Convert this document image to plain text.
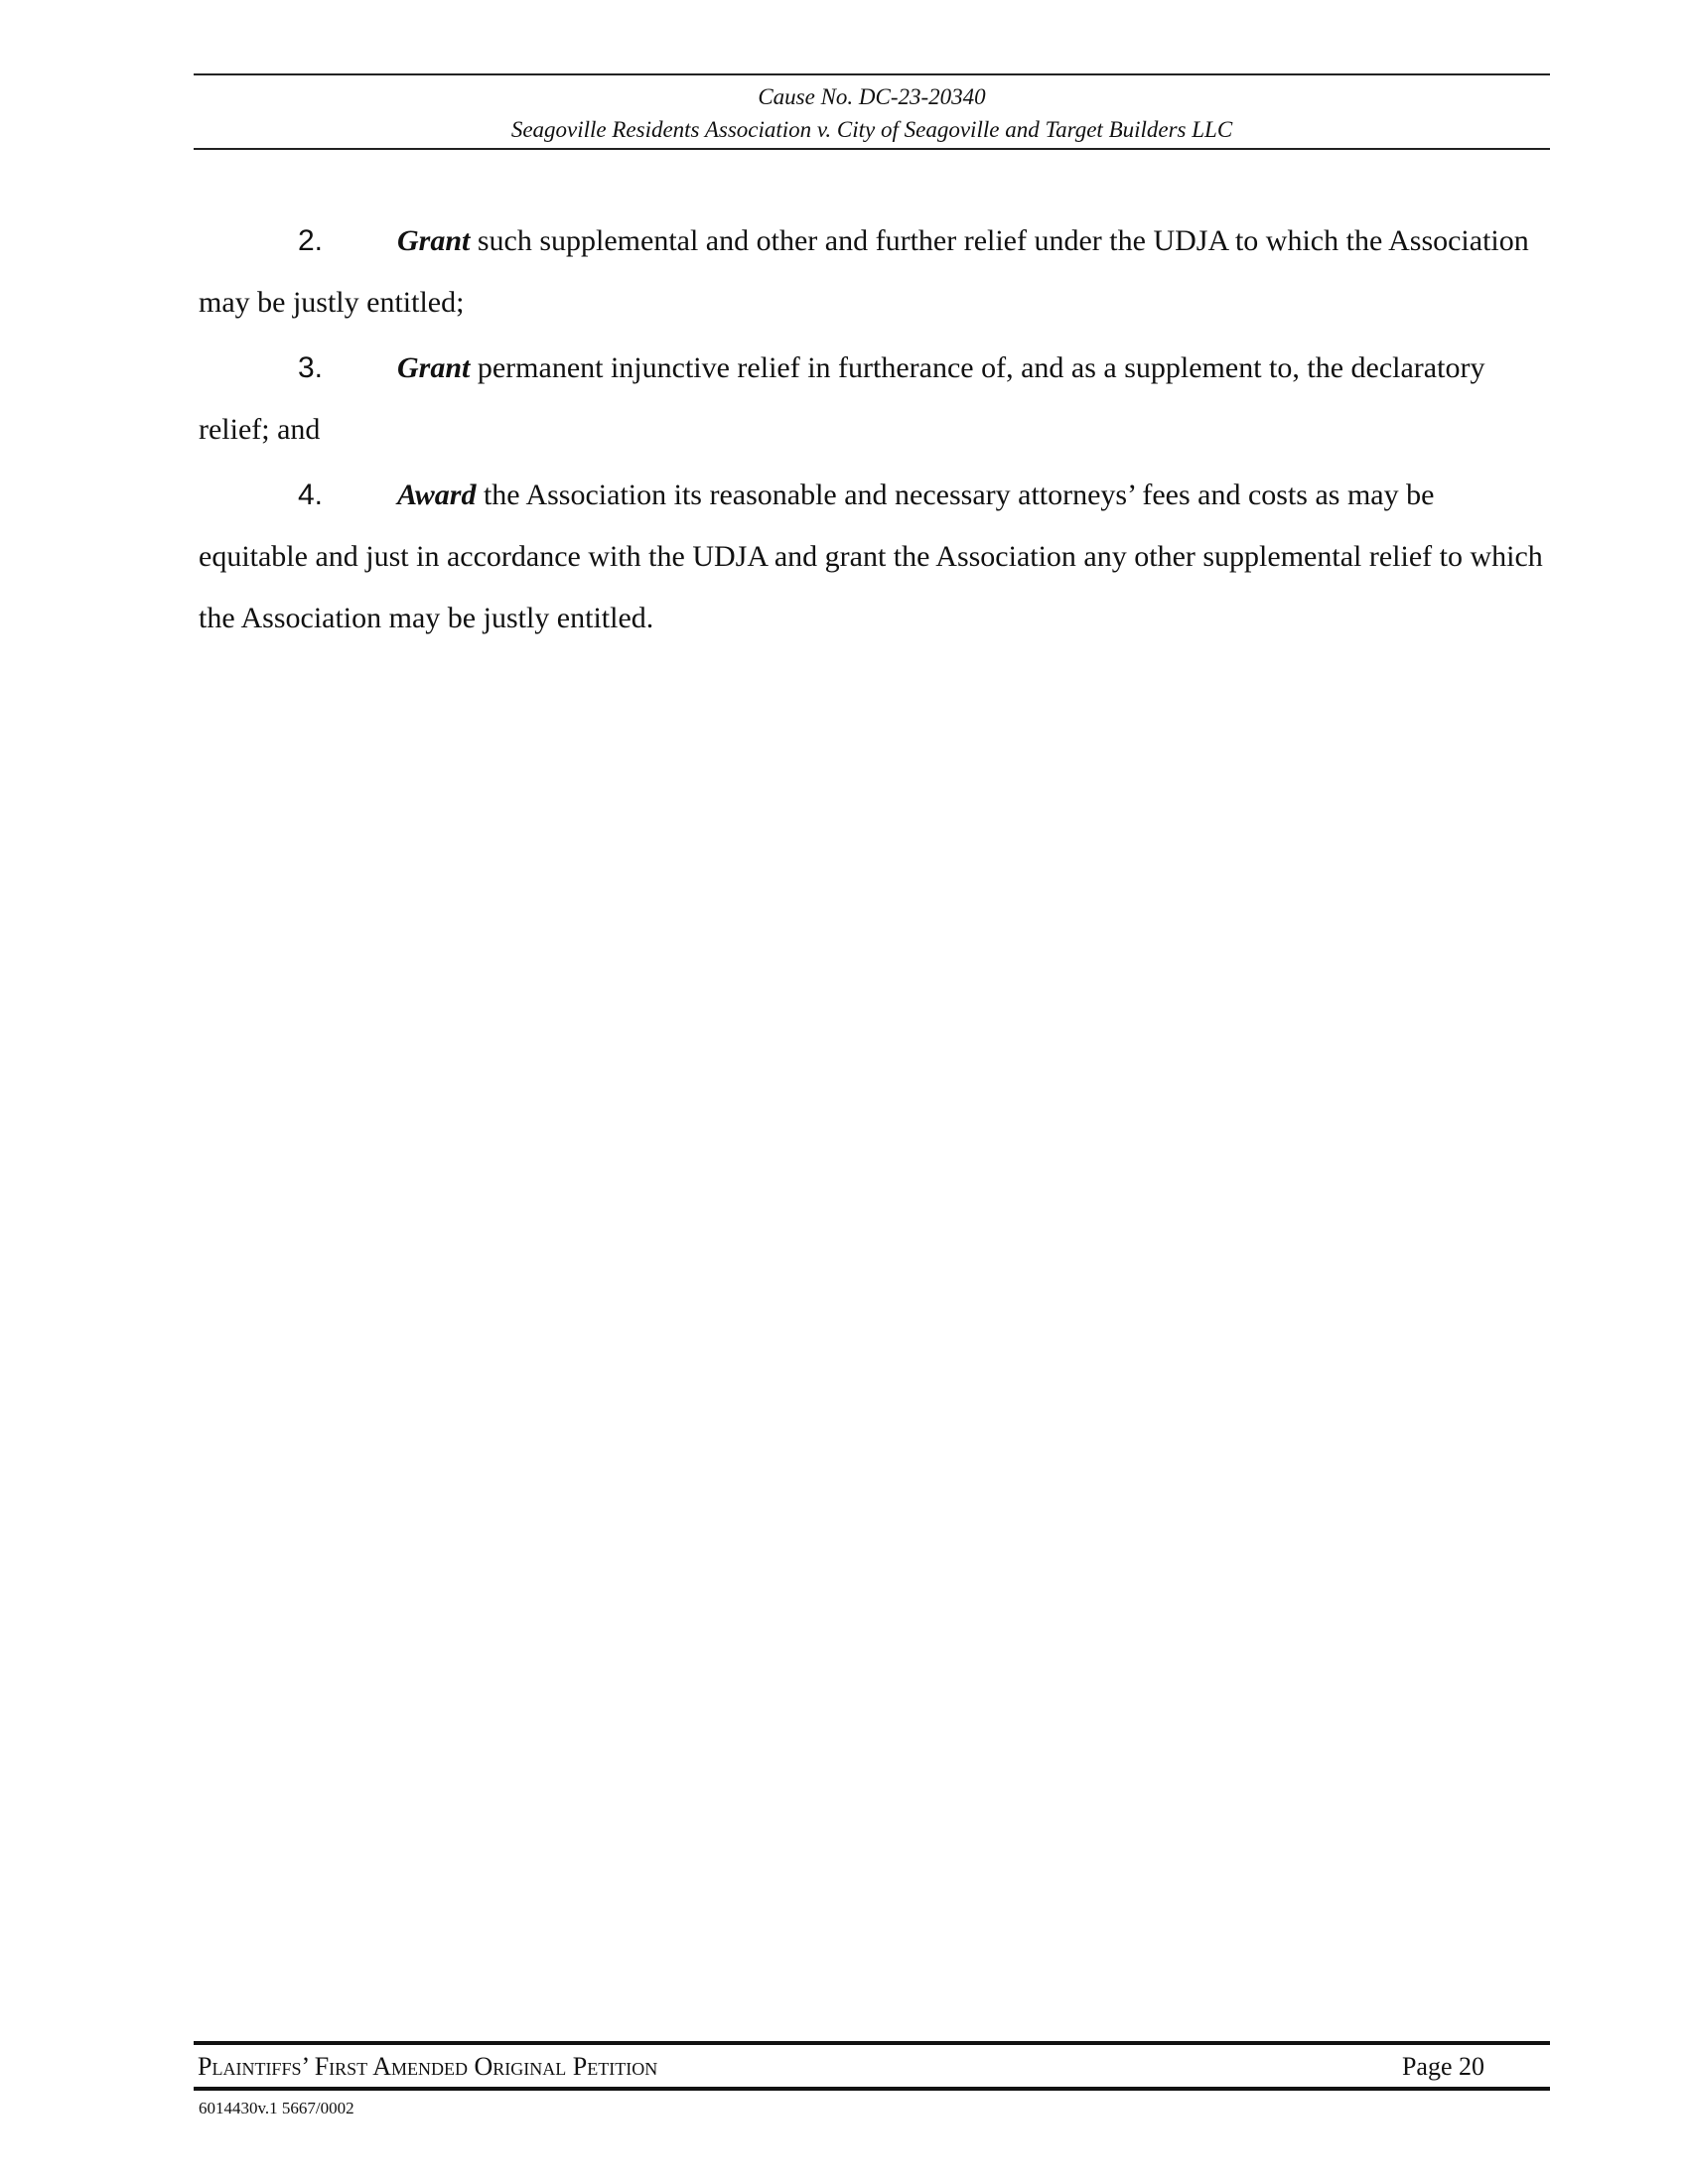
Cause No. DC-23-20340
Seagoville Residents Association v. City of Seagoville and Target Builders LLC

2. Grant such supplemental and other and further relief under the UDJA to which the Association may be justly entitled;

3. Grant permanent injunctive relief in furtherance of, and as a supplement to, the declaratory relief; and

4. Award the Association its reasonable and necessary attorneys’ fees and costs as may be equitable and just in accordance with the UDJA and grant the Association any other supplemental relief to which the Association may be justly entitled.

Plaintiffs’ First Amended Original Petition	Page 20
6014430v.1 5667/0002
